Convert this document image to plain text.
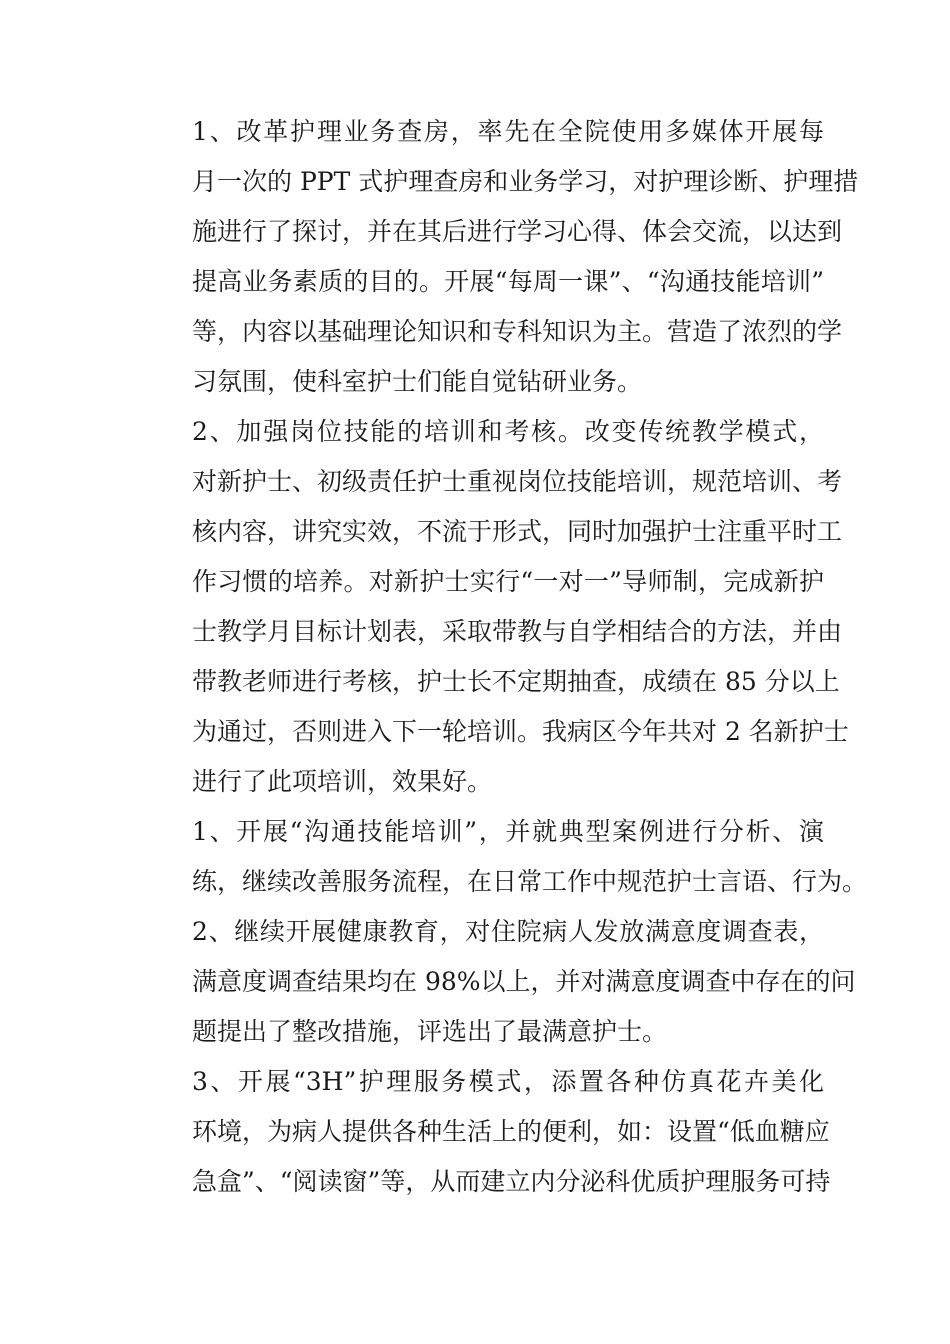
1、改革护理业务查房，率先在全院使用多媒体开展每
月一次的 PPT 式护理查房和业务学习，对护理诊断、护理措
施进行了探讨，并在其后进行学习心得、体会交流，以达到
提高业务素质的目的。开展“每周一课”、“沟通技能培训”
等，内容以基础理论知识和专科知识为主。营造了浓烈的学
习氛围，使科室护士们能自觉钻研业务。
2、加强岗位技能的培训和考核。改变传统教学模式，
对新护士、初级责任护士重视岗位技能培训，规范培训、考
核内容，讲究实效，不流于形式，同时加强护士注重平时工
作习惯的培养。对新护士实行“一对一”导师制，完成新护
士教学月目标计划表，采取带教与自学相结合的方法，并由
带教老师进行考核，护士长不定期抽查，成绩在 85 分以上
为通过，否则进入下一轮培训。我病区今年共对 2 名新护士
进行了此项培训，效果好。
1、开展“沟通技能培训”，并就典型案例进行分析、演
练，继续改善服务流程，在日常工作中规范护士言语、行为。
2、继续开展健康教育，对住院病人发放满意度调查表，
满意度调查结果均在 98%以上，并对满意度调查中存在的问
题提出了整改措施，评选出了最满意护士。
3、开展“3H”护理服务模式，添置各种仿真花卉美化
环境，为病人提供各种生活上的便利，如：设置“低血糖应
急盒”、“阅读窗”等，从而建立内分泌科优质护理服务可持
